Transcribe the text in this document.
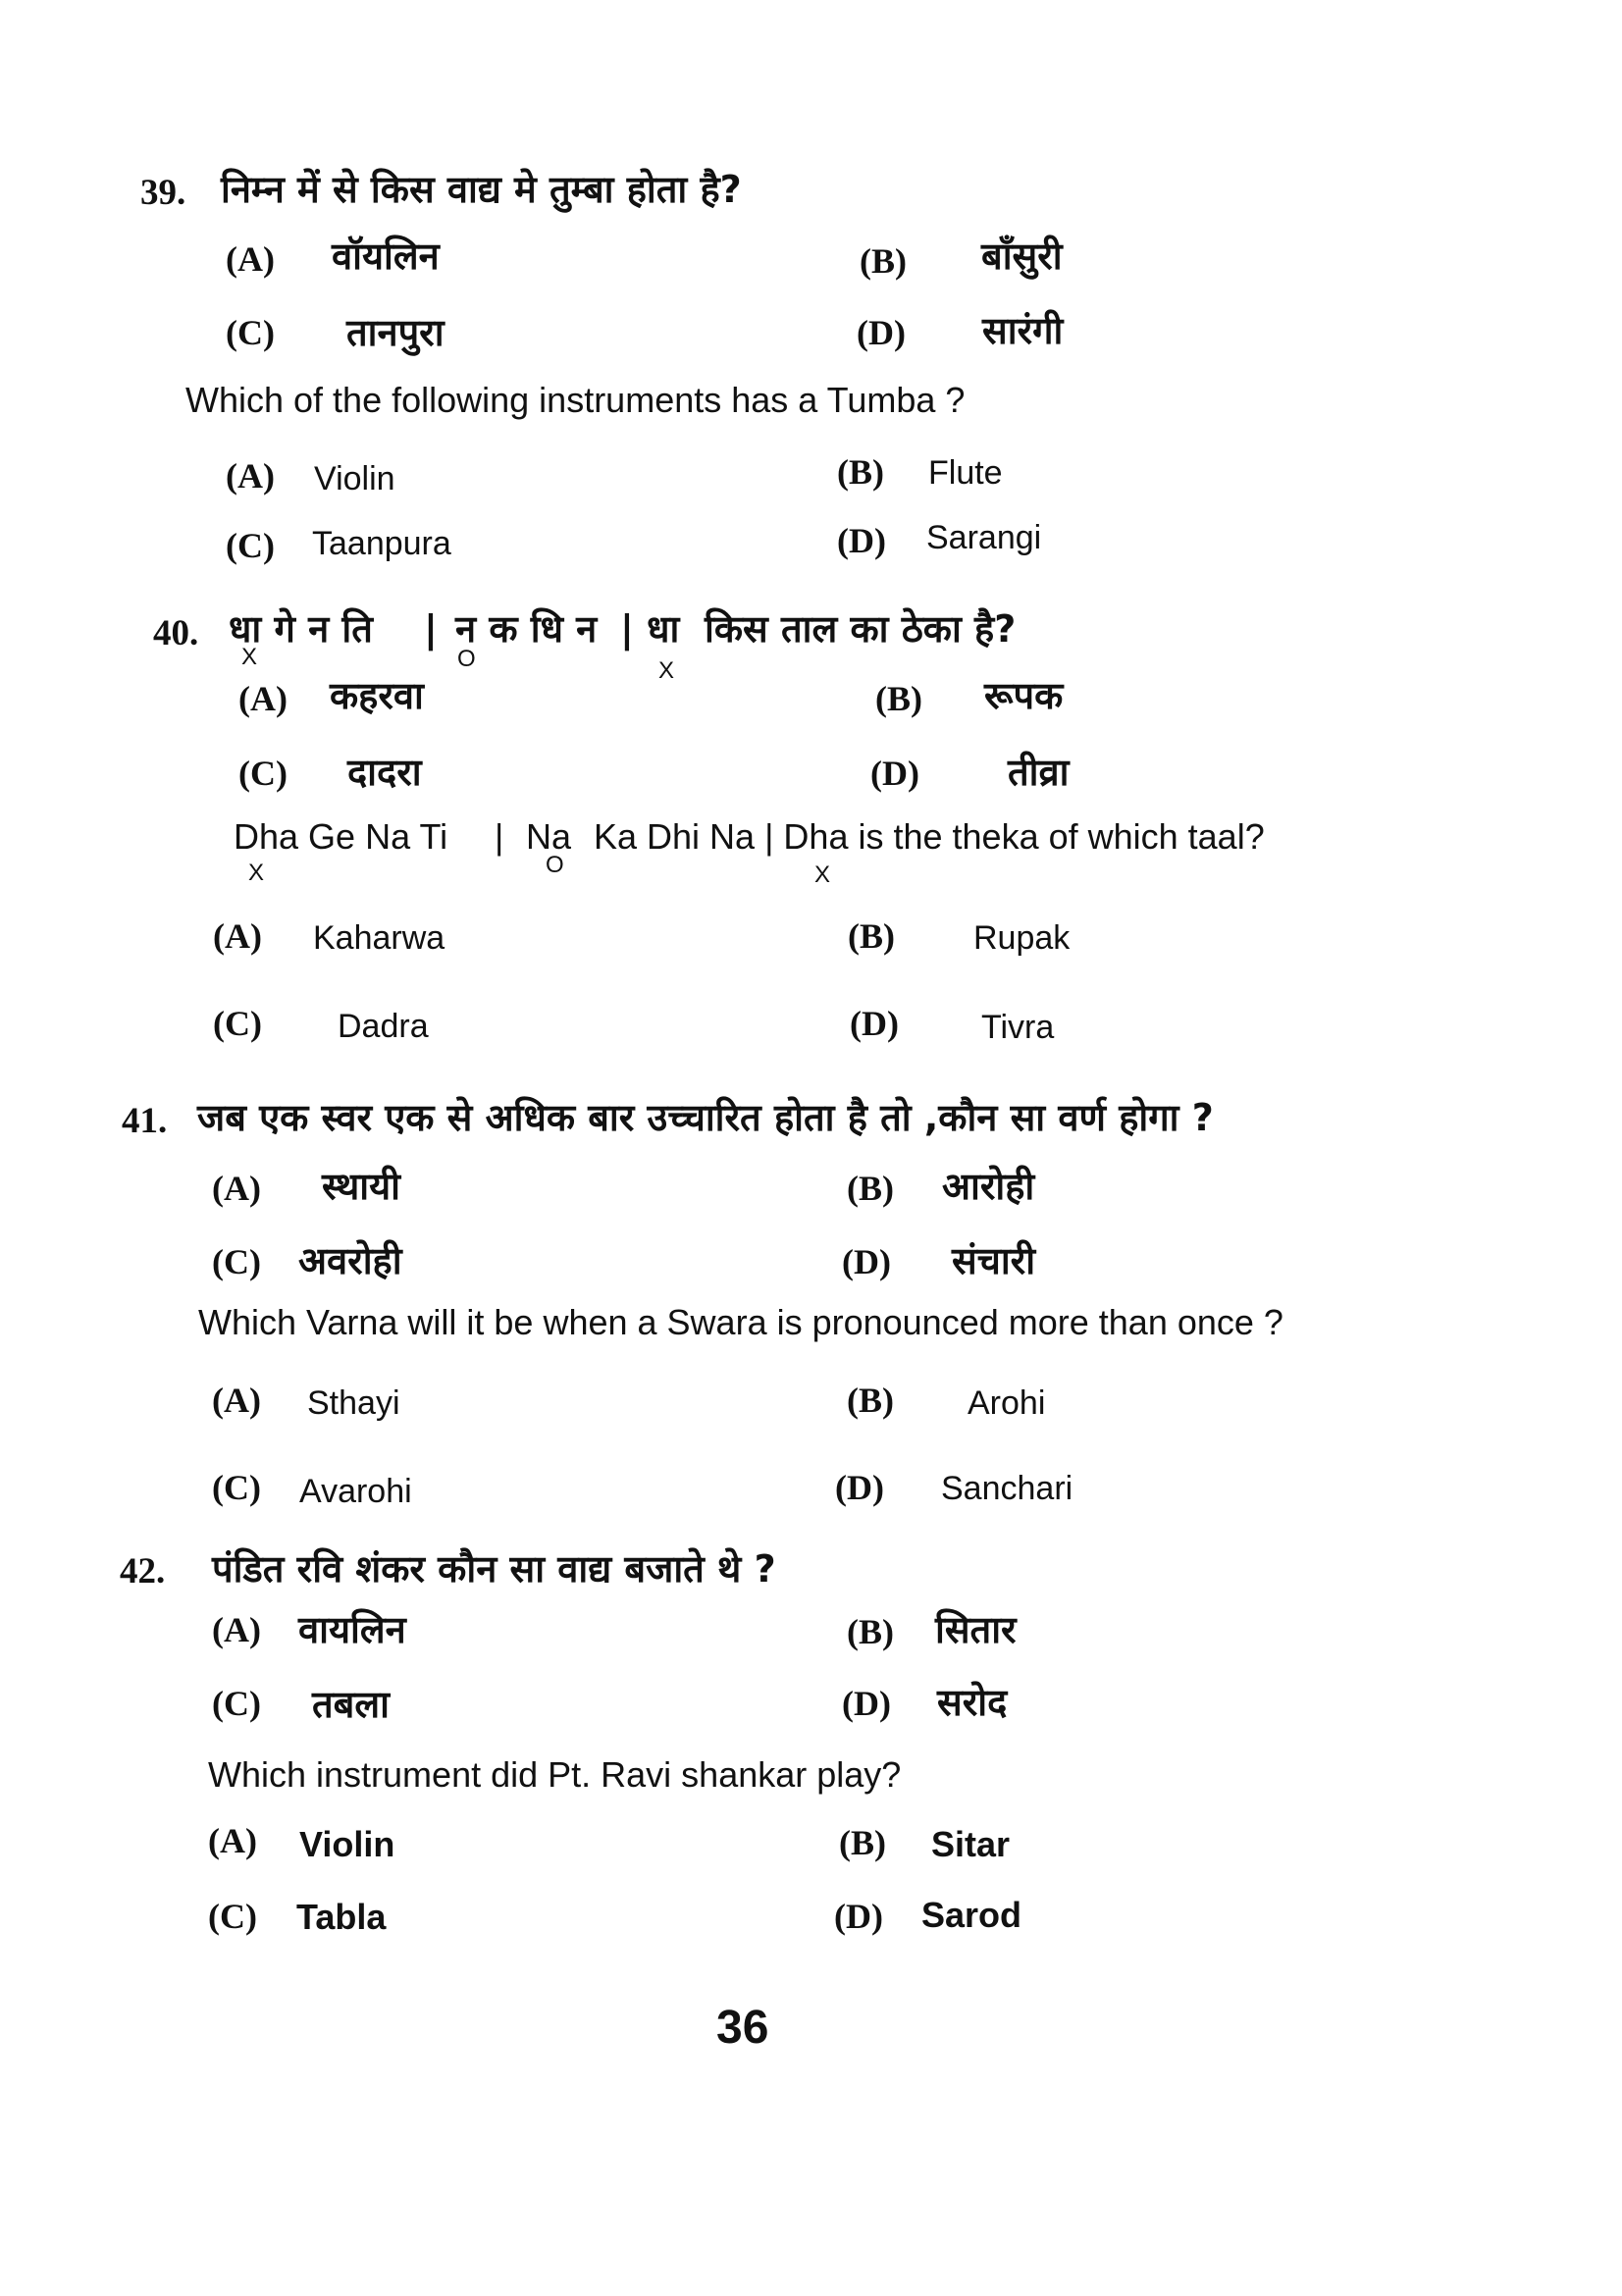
39. निम्न में से किस वाद्य मे तुम्बा होता है?
(A) वॉयलिन	(B) बाँसुरी
(C) तानपुरा	(D) सारंगी
Which of the following instruments has a Tumba ?
(A) Violin	(B) Flute
(C) Taanpura	(D) Sarangi
40. धा गे न ति | न क धि न | धा किस ताल का ठेका है?
X	O	X
(A) कहरवा	(B) रूपक
(C) दादरा	(D) तीव्रा
Dha Ge Na Ti | Na Ka Dhi Na | Dha is the theka of which taal?
X	O	X
(A) Kaharwa	(B) Rupak
(C) Dadra	(D) Tivra
41. जब एक स्वर एक से अधिक बार उच्चारित होता है तो ,कौन सा वर्ण होगा ?
(A) स्थायी	(B) आरोही
(C) अवरोही	(D) संचारी
Which Varna will it be when a Swara is pronounced more than once ?
(A) Sthayi	(B) Arohi
(C) Avarohi	(D) Sanchari
42. पंडित रवि शंकर कौन सा वाद्य बजाते थे ?
(A) वायलिन	(B) सितार
(C) तबला	(D) सरोद
Which instrument did Pt. Ravi shankar play?
(A) Violin	(B) Sitar
(C) Tabla	(D) Sarod
36
